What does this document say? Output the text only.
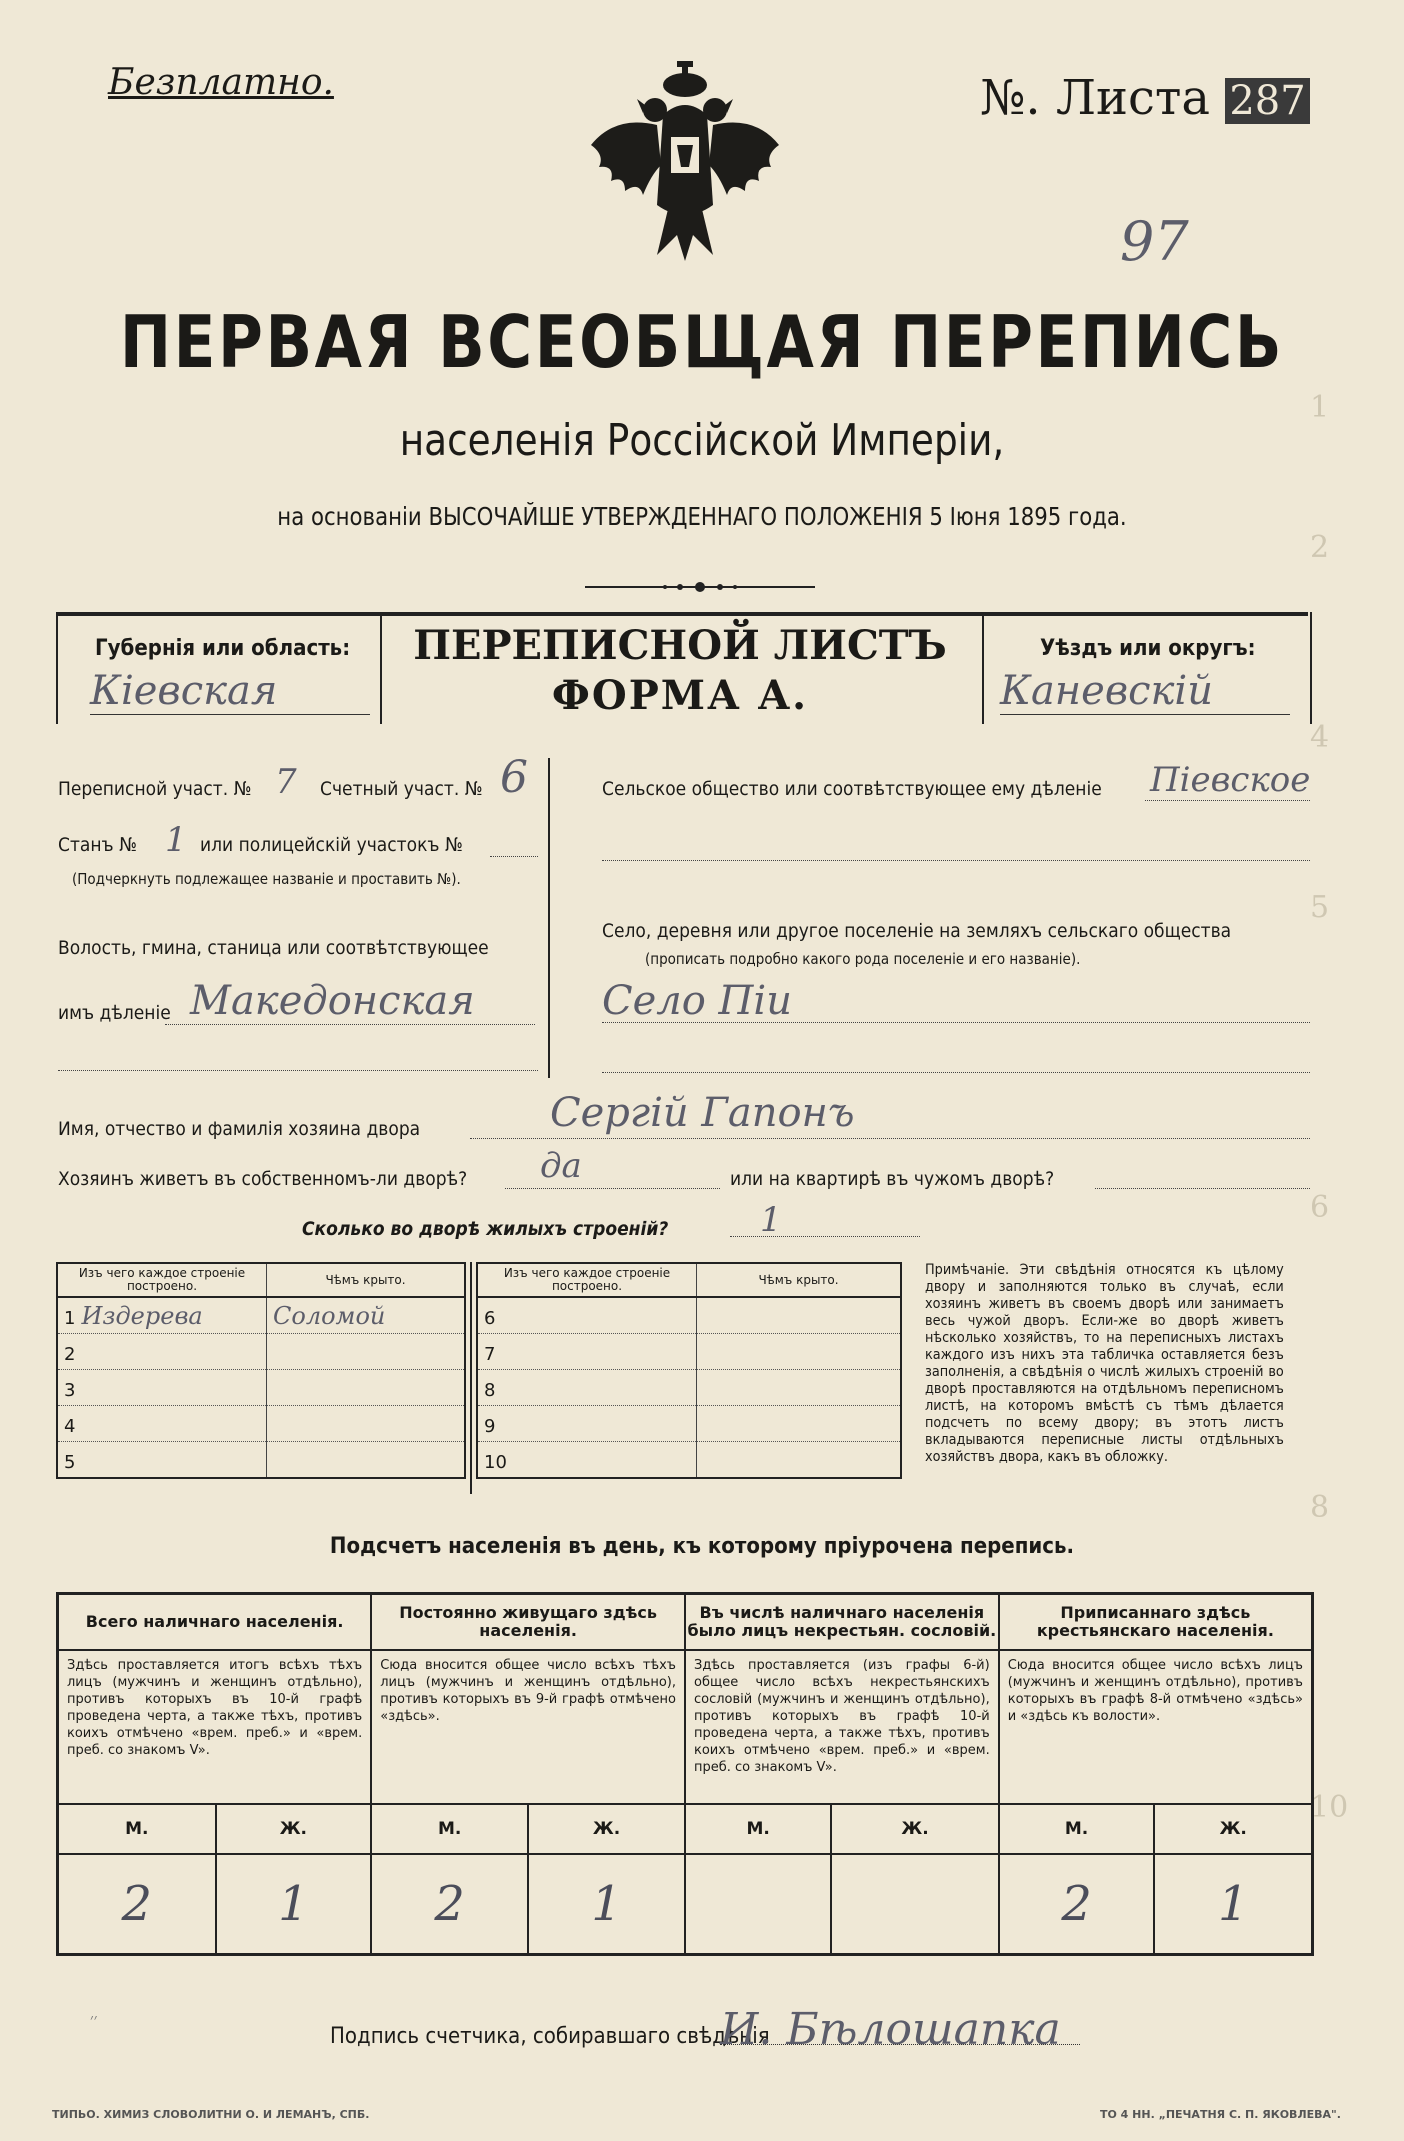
1
2
4
5
6
8
10
Безплатно.	№. Листа 287
97
ПЕРВАЯ ВСЕОБЩАЯ ПЕРЕПИСЬ
населенія Россійской Имперіи,
на основаніи ВЫСОЧАЙШЕ УТВЕРЖДЕННАГО ПОЛОЖЕНІЯ 5 Іюня 1895 года.
Губернія или область:
Кіевская
ПЕРЕПИСНОЙ ЛИСТЪ
ФОРМА А.
Уѣздъ или округъ:
Каневскій
Переписной участ. № 7 Счетный участ. № 6
Станъ № 1 или полицейскій участокъ №
(Подчеркнуть подлежащее названіе и проставить №).
Волость, гмина, станица или соотвѣтствующее
имъ дѣленіе Македонская
Сельское общество или соотвѣтствующее ему дѣленіе Піевское
Село, деревня или другое поселеніе на земляхъ сельскаго общества
(прописать подробно какого рода поселеніе и его названіе).
Село Піи
Имя, отчество и фамилія хозяина двора	Сергій Гапонъ
Хозяинъ живетъ въ собственномъ-ли дворѣ? да	или на квартирѣ въ чужомъ дворѣ?
Сколько во дворѣ жилыхъ строеній?	1
Изъ чего каждое строеніе построено.	Чѣмъ крыто.
1 Издерева	Соломой
2	
3	
4	
5	
Изъ чего каждое строеніе построено.	Чѣмъ крыто.
6	
7	
8	
9	
10	
Примѣчаніе. Эти свѣдѣнія относятся къ цѣлому двору и заполняются только въ случаѣ, если хозяинъ живетъ въ своемъ дворѣ или занимаетъ весь чужой дворъ. Если-же во дворѣ живетъ нѣсколько хозяйствъ, то на переписныхъ листахъ каждого изъ нихъ эта табличка оставляется безъ заполненія, а свѣдѣнія о числѣ жилыхъ строеній во дворѣ проставляются на отдѣльномъ переписномъ листѣ, на которомъ вмѣстѣ съ тѣмъ дѣлается подсчетъ по всему двору; въ этотъ листъ вкладываются переписные листы отдѣльныхъ хозяйствъ двора, какъ въ обложку.
Подсчетъ населенія въ день, къ которому пріурочена перепись.
Всего наличнаго населенія.		Постоянно живущаго здѣсь населенія.		Въ числѣ наличнаго населенія было лицъ некрестьян. сословій.		Приписаннаго здѣсь крестьянскаго населенія.	
Здѣсь проставляется итогъ всѣхъ тѣхъ лицъ (мужчинъ и женщинъ отдѣльно), противъ которыхъ въ 10-й графѣ проведена черта, а также тѣхъ, противъ коихъ отмѣчено «врем. преб.» и «врем. преб. со знакомъ V».		Сюда вносится общее число всѣхъ тѣхъ лицъ (мужчинъ и женщинъ отдѣльно), противъ которыхъ въ 9-й графѣ отмѣчено «здѣсь».		Здѣсь проставляется (изъ графы 6-й) общее число всѣхъ некрестьянскихъ сословій (мужчинъ и женщинъ отдѣльно), противъ которыхъ въ графѣ 10-й проведена черта, а также тѣхъ, противъ коихъ отмѣчено «врем. преб.» и «врем. преб. со знакомъ V».		Сюда вносится общее число всѣхъ лицъ (мужчинъ и женщинъ отдѣльно), противъ которыхъ въ графѣ 8-й отмѣчено «здѣсь» и «здѣсь къ волости».	
М.	Ж.	М.	Ж.	М.	Ж.	М.	Ж.
2	1	2	1			2	1
׳׳
Подпись счетчика, собиравшаго свѣдѣнія
И. Бѣлошапка
ТИПЬО. ХИМИЗ СЛОВОЛИТНИ О. И ЛЕМАНЪ, СПБ.	ТО 4 НН. „ПЕЧАТНЯ С. П. ЯКОВЛЕВА".
